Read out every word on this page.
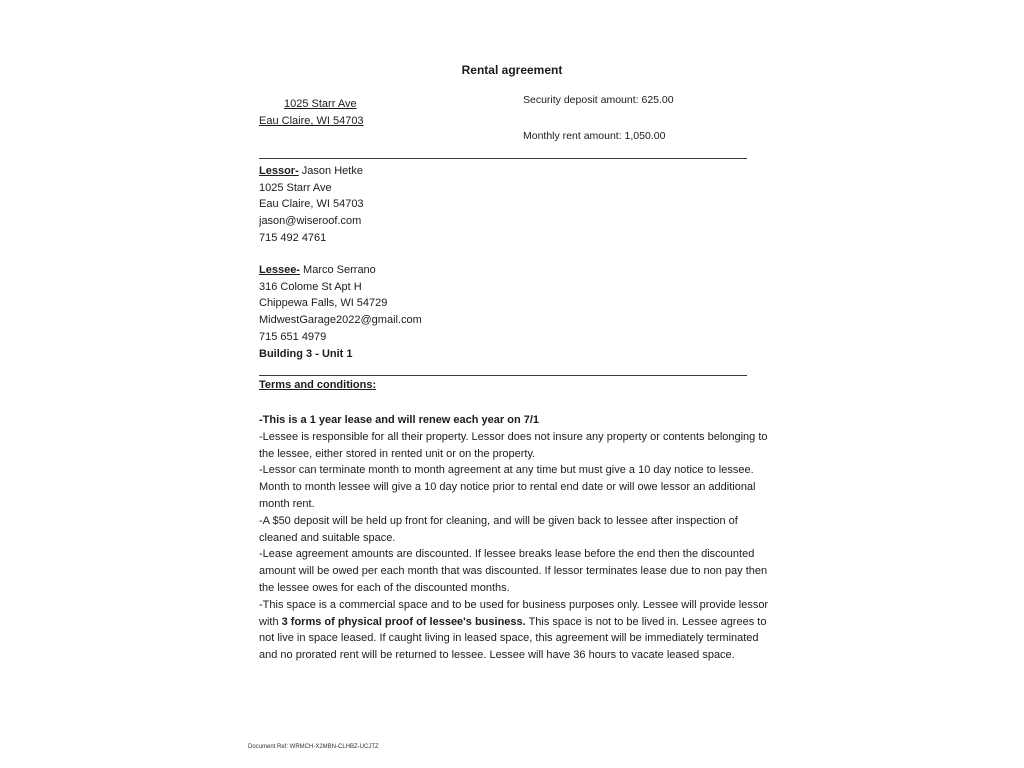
Rental agreement
1025 Starr Ave
Eau Claire, WI 54703
Security deposit amount: 625.00
Monthly rent amount: 1,050.00
Lessor- Jason Hetke
1025 Starr Ave
Eau Claire, WI 54703
jason@wiseroof.com
715 492 4761
Lessee- Marco Serrano
316 Colome St Apt H
Chippewa Falls, WI 54729
MidwestGarage2022@gmail.com
715 651 4979
Building 3 - Unit 1
Terms and conditions:

-This is a 1 year lease and will renew each year on 7/1

-Lessee is responsible for all their property. Lessor does not insure any property or contents belonging to the lessee, either stored in rented unit or on the property.

-Lessor can terminate month to month agreement at any time but must give a 10 day notice to lessee. Month to month lessee will give a 10 day notice prior to rental end date or will owe lessor an additional month rent.

-A $50 deposit will be held up front for cleaning, and will be given back to lessee after inspection of cleaned and suitable space.

-Lease agreement amounts are discounted. If lessee breaks lease before the end then the discounted amount will be owed per each month that was discounted. If lessor terminates lease due to non pay then the lessee owes for each of the discounted months.

-This space is a commercial space and to be used for business purposes only. Lessee will provide lessor with 3 forms of physical proof of lessee's business. This space is not to be lived in. Lessee agrees to not live in space leased. If caught living in leased space, this agreement will be immediately terminated and no prorated rent will be returned to lessee. Lessee will have 36 hours to vacate leased space.

Document Ref: WRMCH-X2MBN-CLHBZ-UCJTZ
